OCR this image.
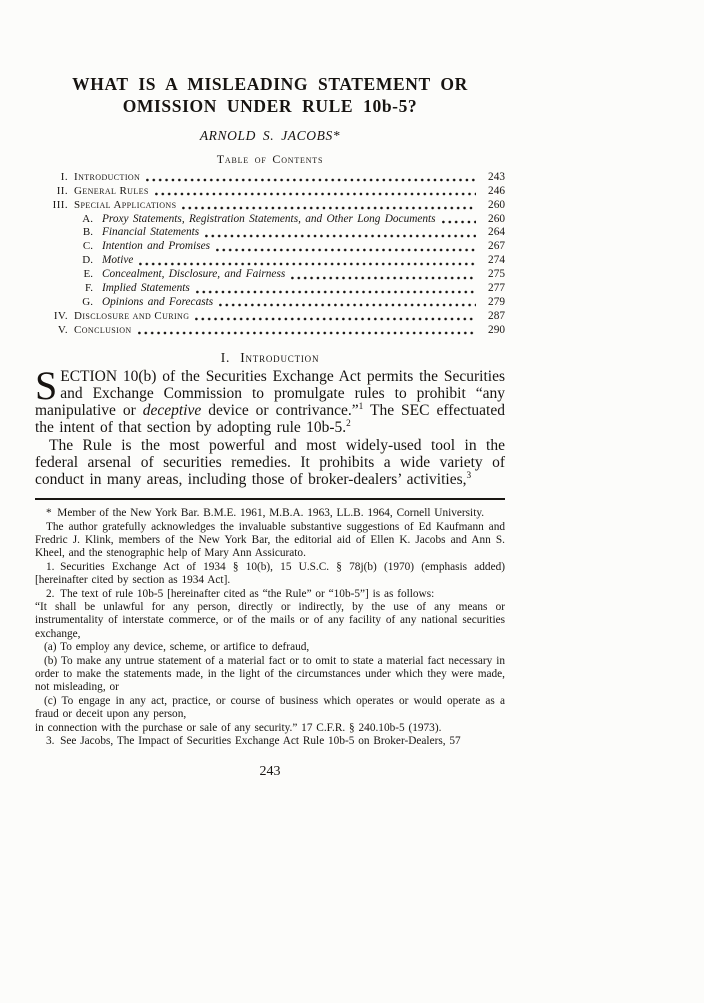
WHAT IS A MISLEADING STATEMENT OR
OMISSION UNDER RULE 10b-5?
ARNOLD S. JACOBS*
Table of Contents
I. Introduction	243
II. General Rules	246
III. Special Applications	260
A. Proxy Statements, Registration Statements, and Other Long Documents	260
B. Financial Statements	264
C. Intention and Promises	267
D. Motive	274
E. Concealment, Disclosure, and Fairness	275
F. Implied Statements	277
G. Opinions and Forecasts	279
IV. Disclosure and Curing	287
V. Conclusion	290
I. Introduction

SECTION 10(b) of the Securities Exchange Act permits the Securities and Exchange Commission to promulgate rules to prohibit “any manipulative or deceptive device or contrivance.”$^1$ The SEC effectuated the intent of that section by adopting rule 10b-5.$^2$

The Rule is the most powerful and most widely-used tool in the federal arsenal of securities remedies. It prohibits a wide variety of conduct in many areas, including those of broker-dealers’ activities,$^3$

* Member of the New York Bar. B.M.E. 1961, M.B.A. 1963, LL.B. 1964, Cornell University.

The author gratefully acknowledges the invaluable substantive suggestions of Ed Kaufmann and Fredric J. Klink, members of the New York Bar, the editorial aid of Ellen K. Jacobs and Ann S. Kheel, and the stenographic help of Mary Ann Assicurato.

1. Securities Exchange Act of 1934 § 10(b), 15 U.S.C. § 78j(b) (1970) (emphasis added) [hereinafter cited by section as 1934 Act].

2. The text of rule 10b-5 [hereinafter cited as “the Rule” or “10b-5”] is as follows:

“It shall be unlawful for any person, directly or indirectly, by the use of any means or instrumentality of interstate commerce, or of the mails or of any facility of any national securities exchange,

(a) To employ any device, scheme, or artifice to defraud,

(b) To make any untrue statement of a material fact or to omit to state a material fact necessary in order to make the statements made, in the light of the circumstances under which they were made, not misleading, or

(c) To engage in any act, practice, or course of business which operates or would operate as a fraud or deceit upon any person,

in connection with the purchase or sale of any security.” 17 C.F.R. § 240.10b-5 (1973).

3. See Jacobs, The Impact of Securities Exchange Act Rule 10b-5 on Broker-Dealers, 57

243
